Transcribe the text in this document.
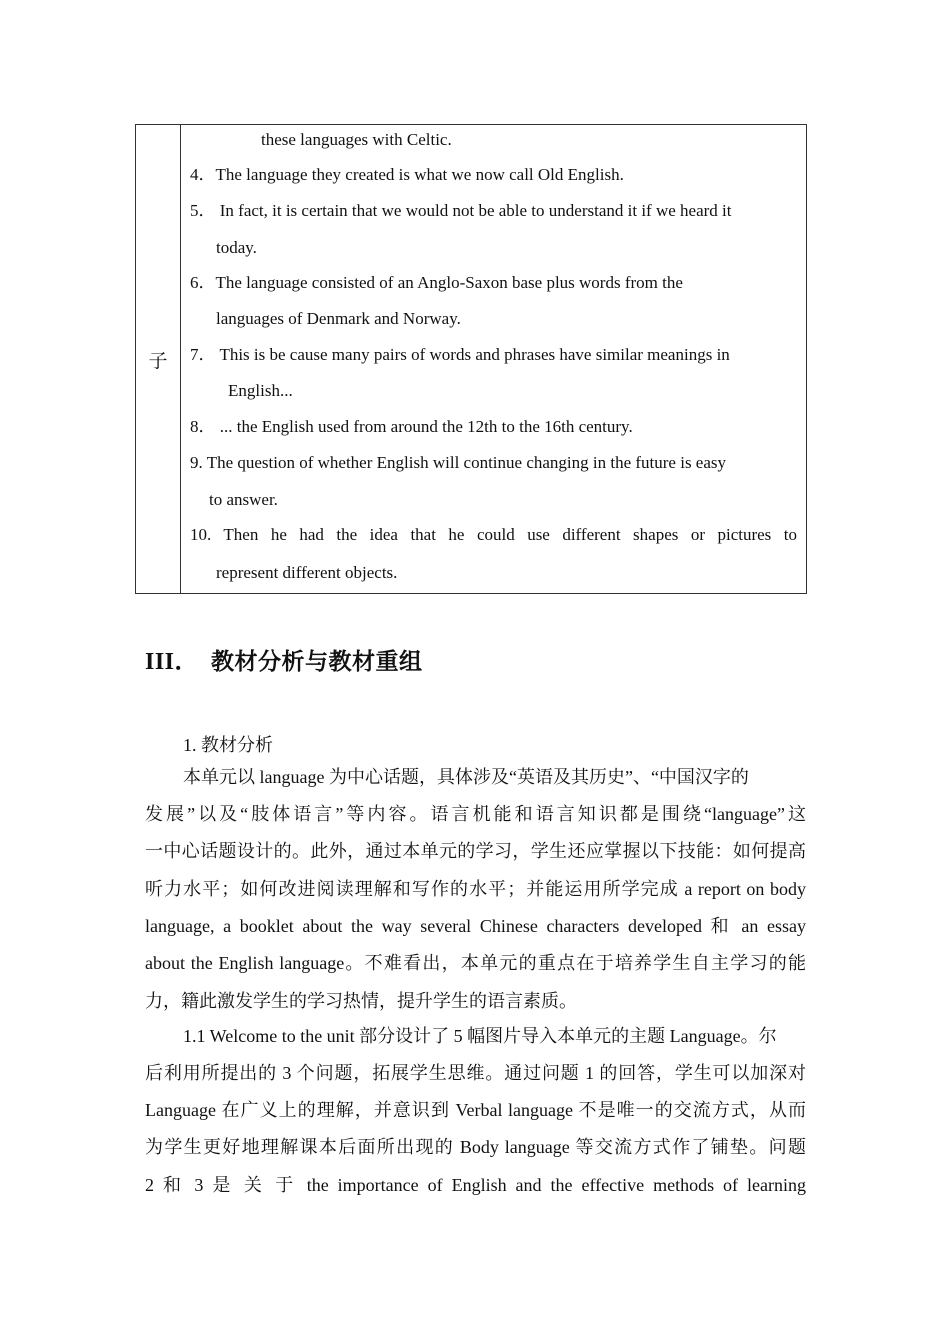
子	
these languages with Celtic.
4．The language they created is what we now call Old English.
5． In fact, it is certain that we would not be able to understand it if we heard it
today.
6．The language consisted of an Anglo-Saxon base plus words from the
languages of Denmark and Norway.
7． This is be cause many pairs of words and phrases have similar meanings in
English...
8． ... the English used from around the 12th to the 16th century.
9. The question of whether English will continue changing in the future is easy
to answer.
10. Then he had the idea that he could use different shapes or pictures to
represent different objects.
III． 教材分析与教材重组
1. 教材分析
本单元以 language 为中心话题，具体涉及“英语及其历史”、“中国汉字的
发展”以及“肢体语言”等内容。语言机能和语言知识都是围绕“language”这
一中心话题设计的。此外，通过本单元的学习，学生还应掌握以下技能：如何提高
听力水平；如何改进阅读理解和写作的水平；并能运用所学完成 a report on body
language, a booklet about the way several Chinese characters developed 和 an essay
about the English language。不难看出，本单元的重点在于培养学生自主学习的能
力，籍此激发学生的学习热情，提升学生的语言素质。
1.1 Welcome to the unit 部分设计了 5 幅图片导入本单元的主题 Language。尔
后利用所提出的 3 个问题，拓展学生思维。通过问题 1 的回答，学生可以加深对
Language 在广义上的理解，并意识到 Verbal language 不是唯一的交流方式，从而
为学生更好地理解课本后面所出现的 Body language 等交流方式作了铺垫。问题
2 和 3 是 关 于 the importance of English and the effective methods of learning
